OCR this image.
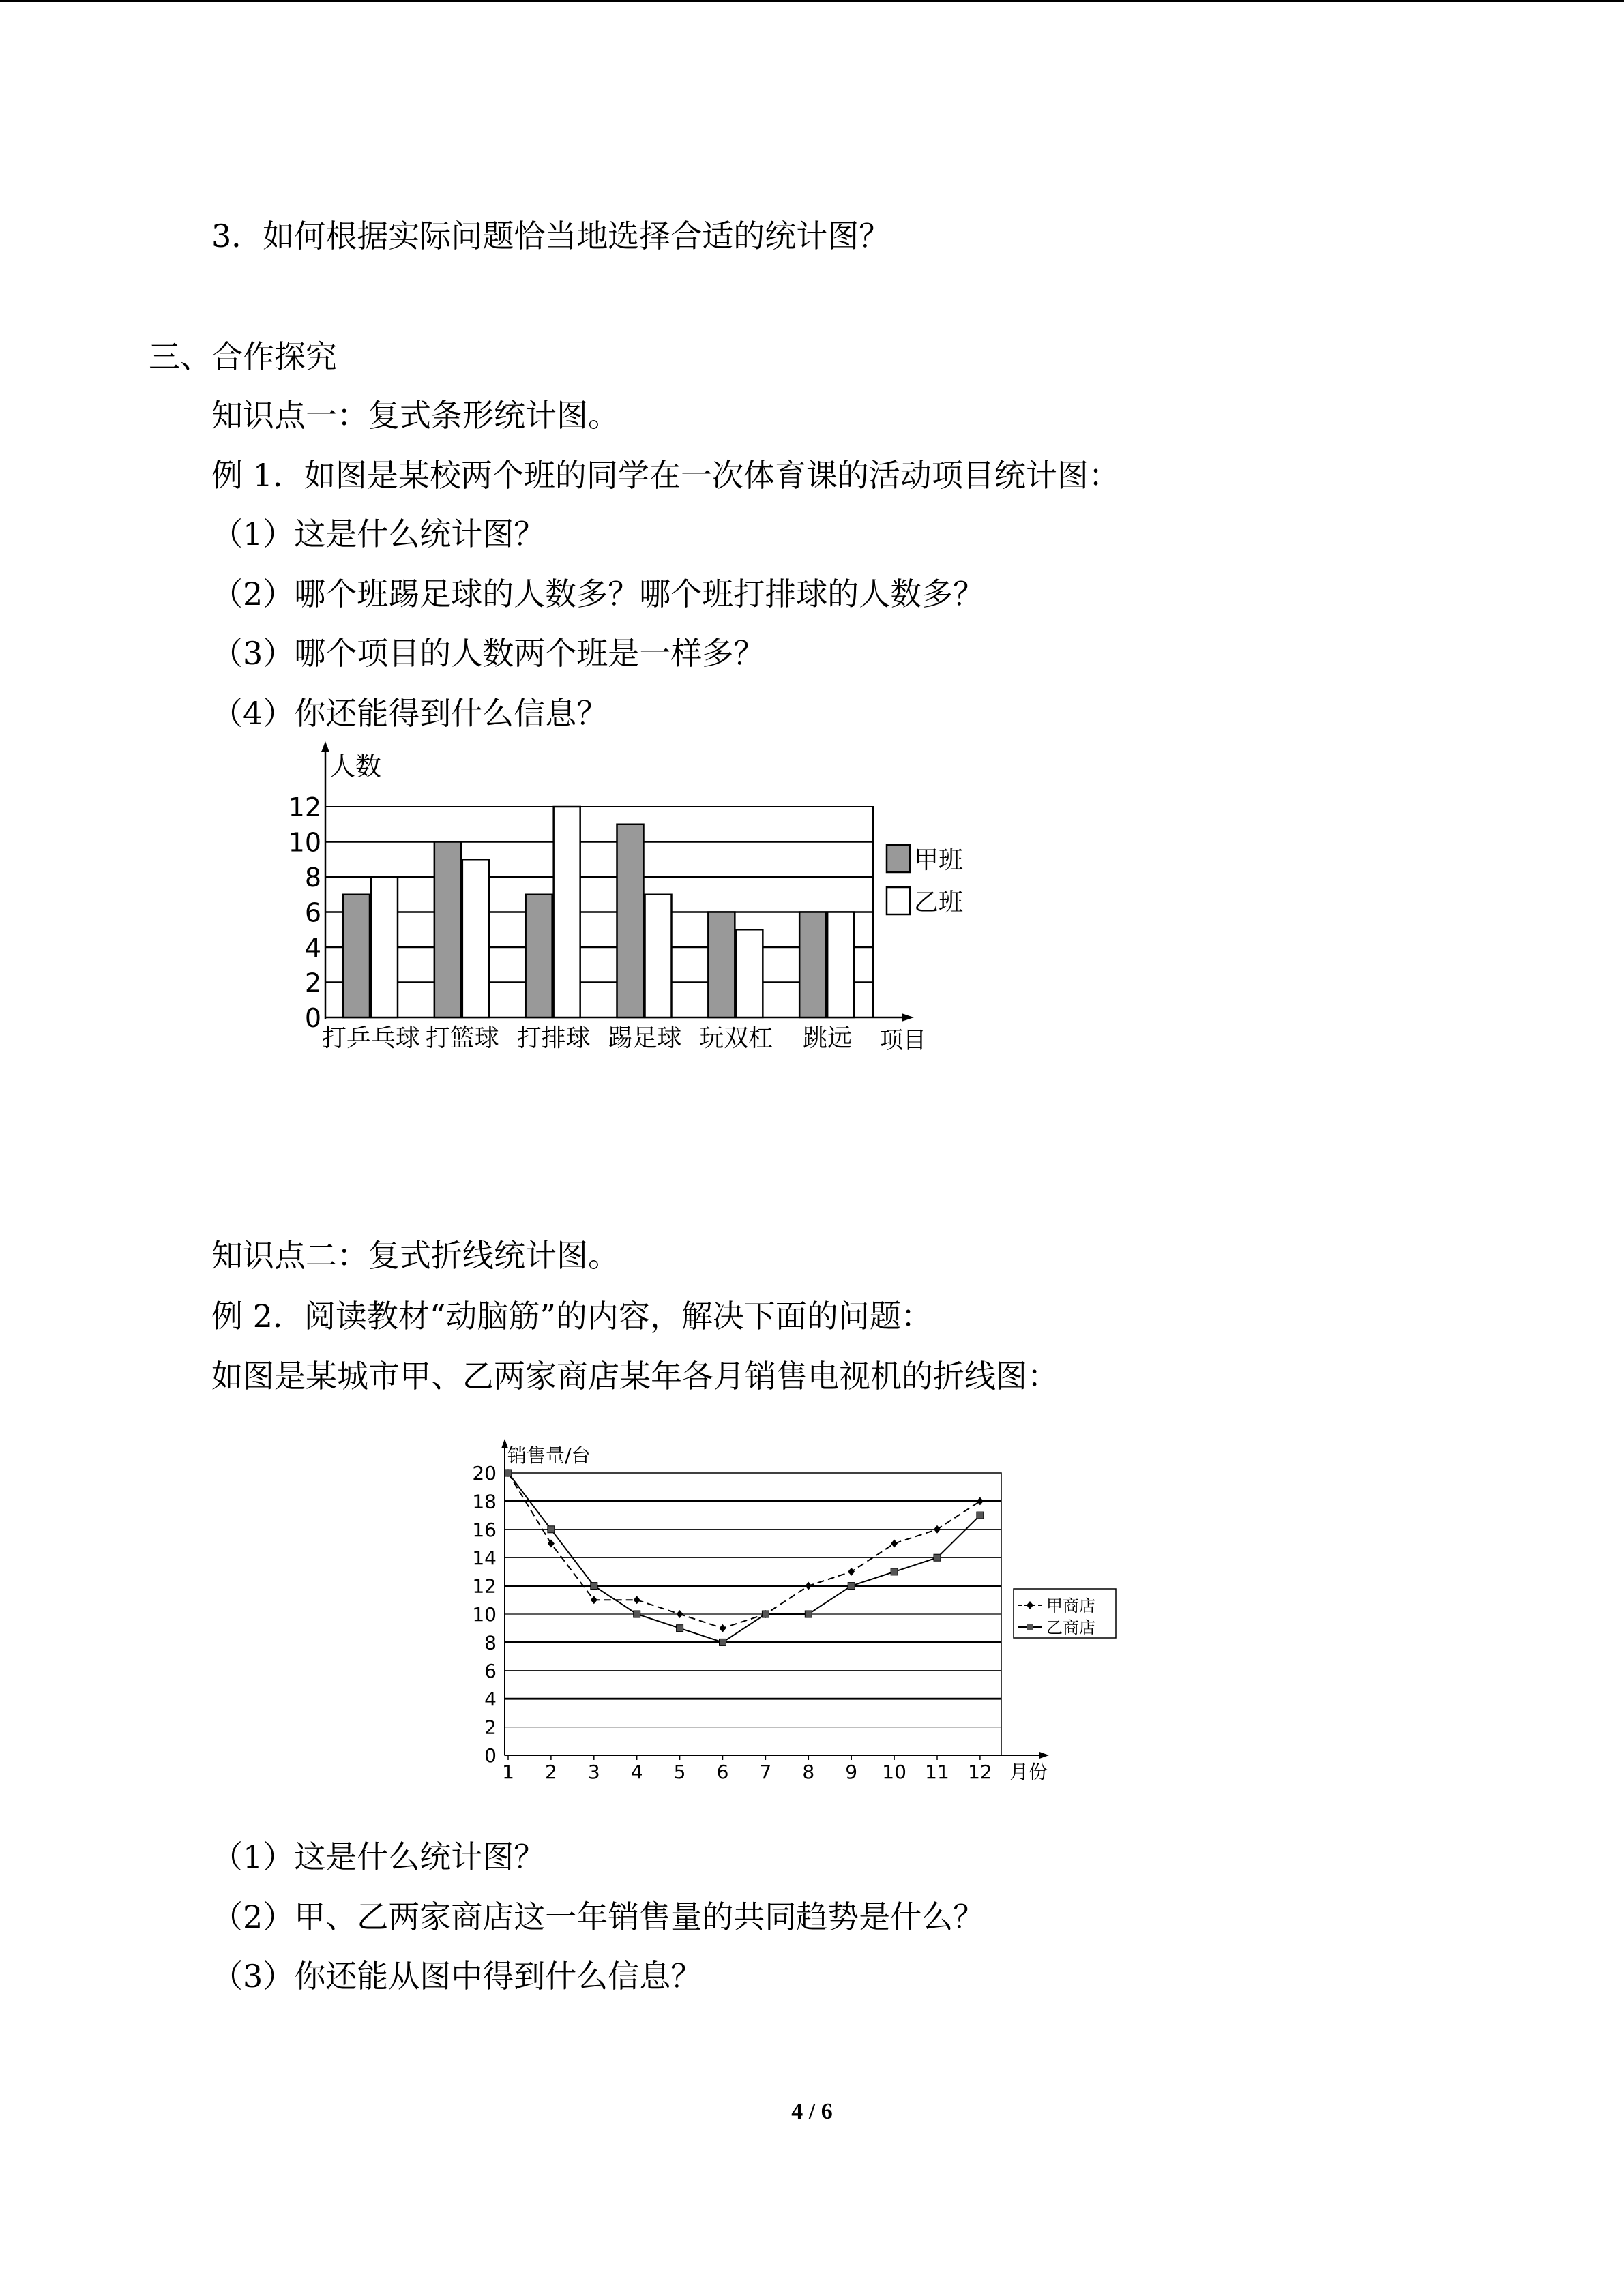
3．如何根据实际问题恰当地选择合适的统计图？
三、合作探究
知识点一：复式条形统计图。
例 1．如图是某校两个班的同学在一次体育课的活动项目统计图：
（1）这是什么统计图？
（2）哪个班踢足球的人数多？哪个班打排球的人数多？
（3）哪个项目的人数两个班是一样多？
（4）你还能得到什么信息？
0
2
4
6
8
10
12
人数
项目
打乒乓球 打篮球 打排球 踢足球 玩双杠 跳远
甲班
乙班
知识点二：复式折线统计图。
例 2．阅读教材“动脑筋”的内容，解决下面的问题：
如图是某城市甲、乙两家商店某年各月销售电视机的折线图：
0
2
4
6
8
10
12
14
16
18
20
销售量/台
月份
1 2 3 4 5 6 7 8 9 10 11 12
甲商店
乙商店
（1）这是什么统计图？
（2）甲、乙两家商店这一年销售量的共同趋势是什么？
（3）你还能从图中得到什么信息？
4 / 6
